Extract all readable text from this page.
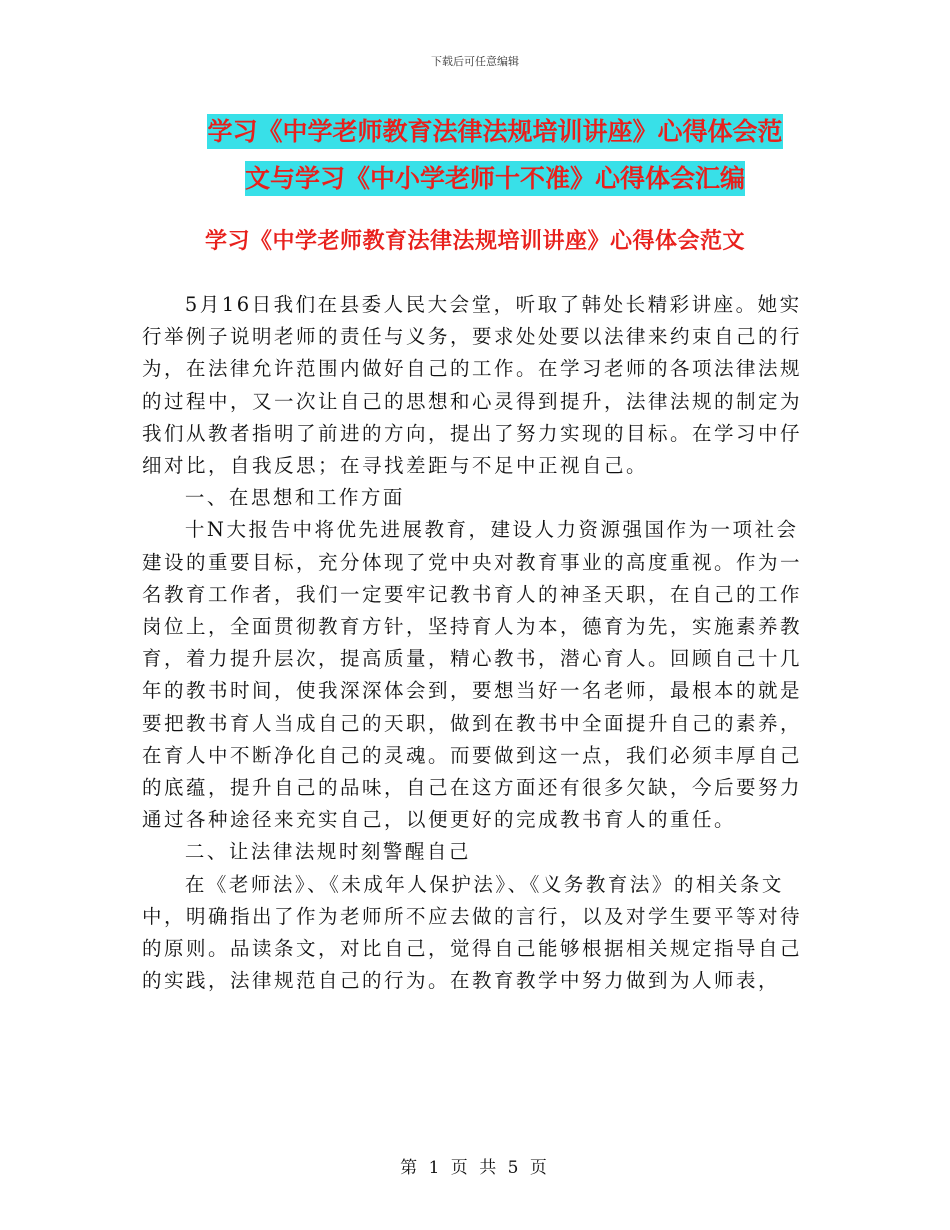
下载后可任意编辑
学习《中学老师教育法律法规培训讲座》心得体会范
文与学习《中小学老师十不准》心得体会汇编
学习《中学老师教育法律法规培训讲座》心得体会范文

5月16日我们在县委人民大会堂，听取了韩处长精彩讲座。她实行举例子说明老师的责任与义务，要求处处要以法律来约束自己的行为，在法律允许范围内做好自己的工作。在学习老师的各项法律法规的过程中，又一次让自己的思想和心灵得到提升，法律法规的制定为我们从教者指明了前进的方向，提出了努力实现的目标。在学习中仔细对比，自我反思；在寻找差距与不足中正视自己。

一、在思想和工作方面

十N大报告中将优先进展教育，建设人力资源强国作为一项社会建设的重要目标，充分体现了党中央对教育事业的高度重视。作为一名教育工作者，我们一定要牢记教书育人的神圣天职，在自己的工作岗位上，全面贯彻教育方针，坚持育人为本，德育为先，实施素养教育，着力提升层次，提高质量，精心教书，潜心育人。回顾自己十几年的教书时间，使我深深体会到，要想当好一名老师，最根本的就是要把教书育人当成自己的天职，做到在教书中全面提升自己的素养，在育人中不断净化自己的灵魂。而要做到这一点，我们必须丰厚自己的底蕴，提升自己的品味，自己在这方面还有很多欠缺，今后要努力通过各种途径来充实自己，以便更好的完成教书育人的重任。

二、让法律法规时刻警醒自己

在《老师法》、《未成年人保护法》、《义务教育法》的相关条文中，明确指出了作为老师所不应去做的言行，以及对学生要平等对待的原则。品读条文，对比自己，觉得自己能够根据相关规定指导自己的实践，法律规范自己的行为。在教育教学中努力做到为人师表，

第 1 页 共 5 页
